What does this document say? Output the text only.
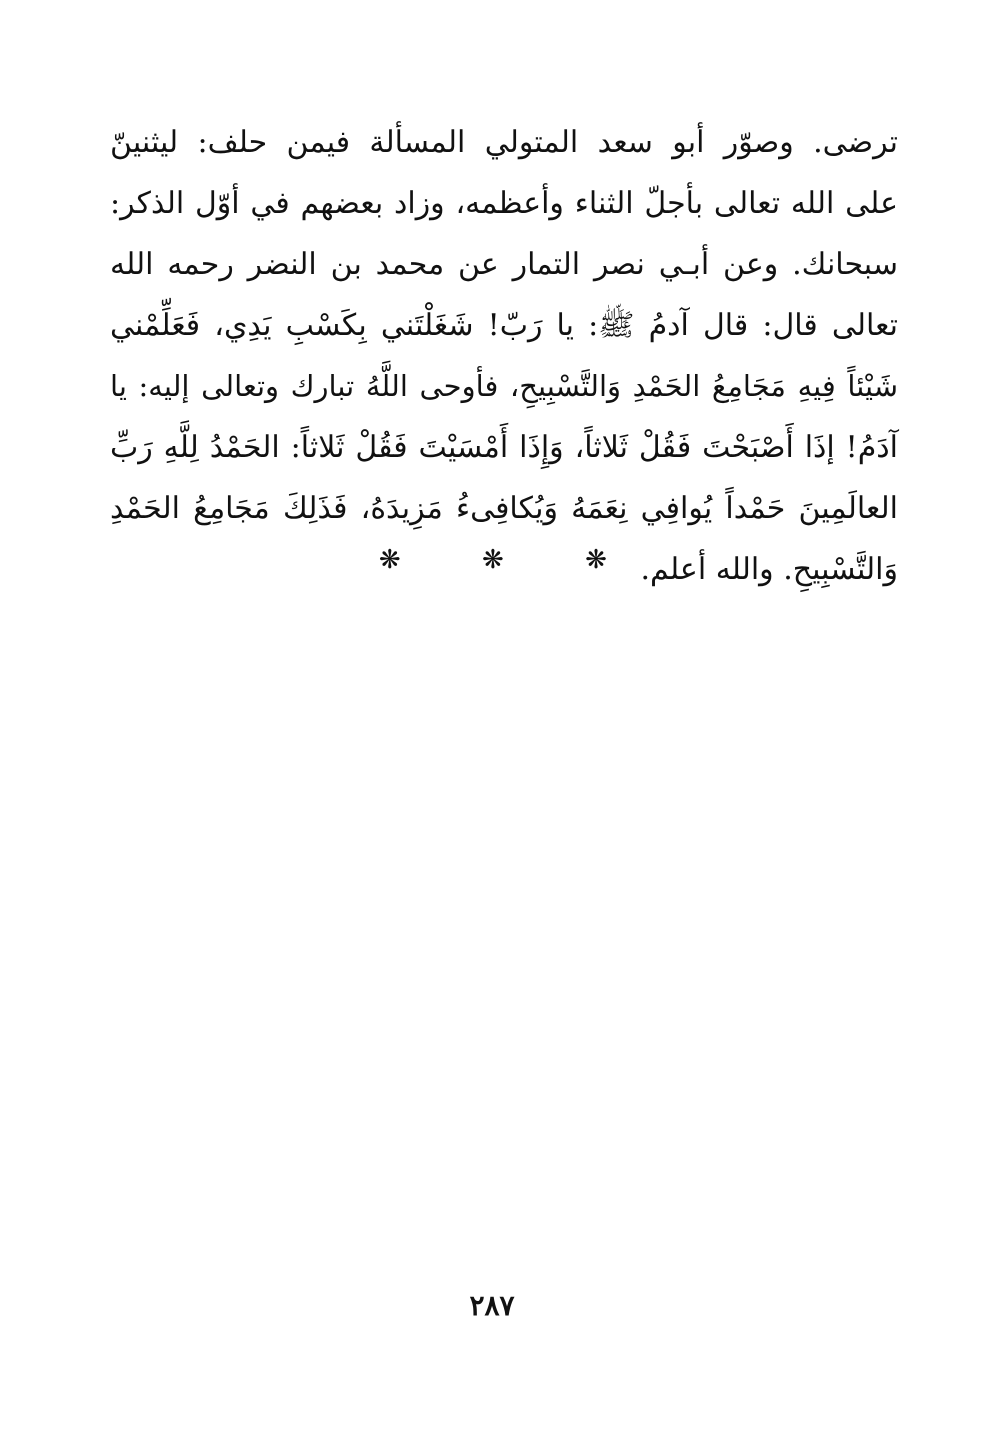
ترضى. وصوّر أبو سعد المتولي المسألة فيمن حلف: ليثنينّ
على الله تعالى بأجلّ الثناء وأعظمه، وزاد بعضهم في أوّل الذكر:
سبحانك. وعن أبـي نصر التمار عن محمد بن النضر رحمه الله
تعالى قال: قال آدمُ ﷺ: يا رَبّ! شَغَلْتَني بِكَسْبِ يَدِي، فَعَلِّمْني
شَيْئاً فِيهِ مَجَامِعُ الحَمْدِ وَالتَّسْبِيحِ، فأوحى اللَّهُ تبارك وتعالى إليه: يا
آدَمُ! إذَا أَصْبَحْتَ فَقُلْ ثَلاثاً، وَإِذَا أَمْسَيْتَ فَقُلْ ثَلاثاً: الحَمْدُ لِلَّهِ رَبِّ
العالَمِينَ حَمْداً يُوافِي نِعَمَهُ وَيُكافِىءُ مَزِيدَهُ، فَذَلِكَ مَجَامِعُ الحَمْدِ
وَالتَّسْبِيحِ. والله أعلم.
❋	❋	❋
٢٨٧
